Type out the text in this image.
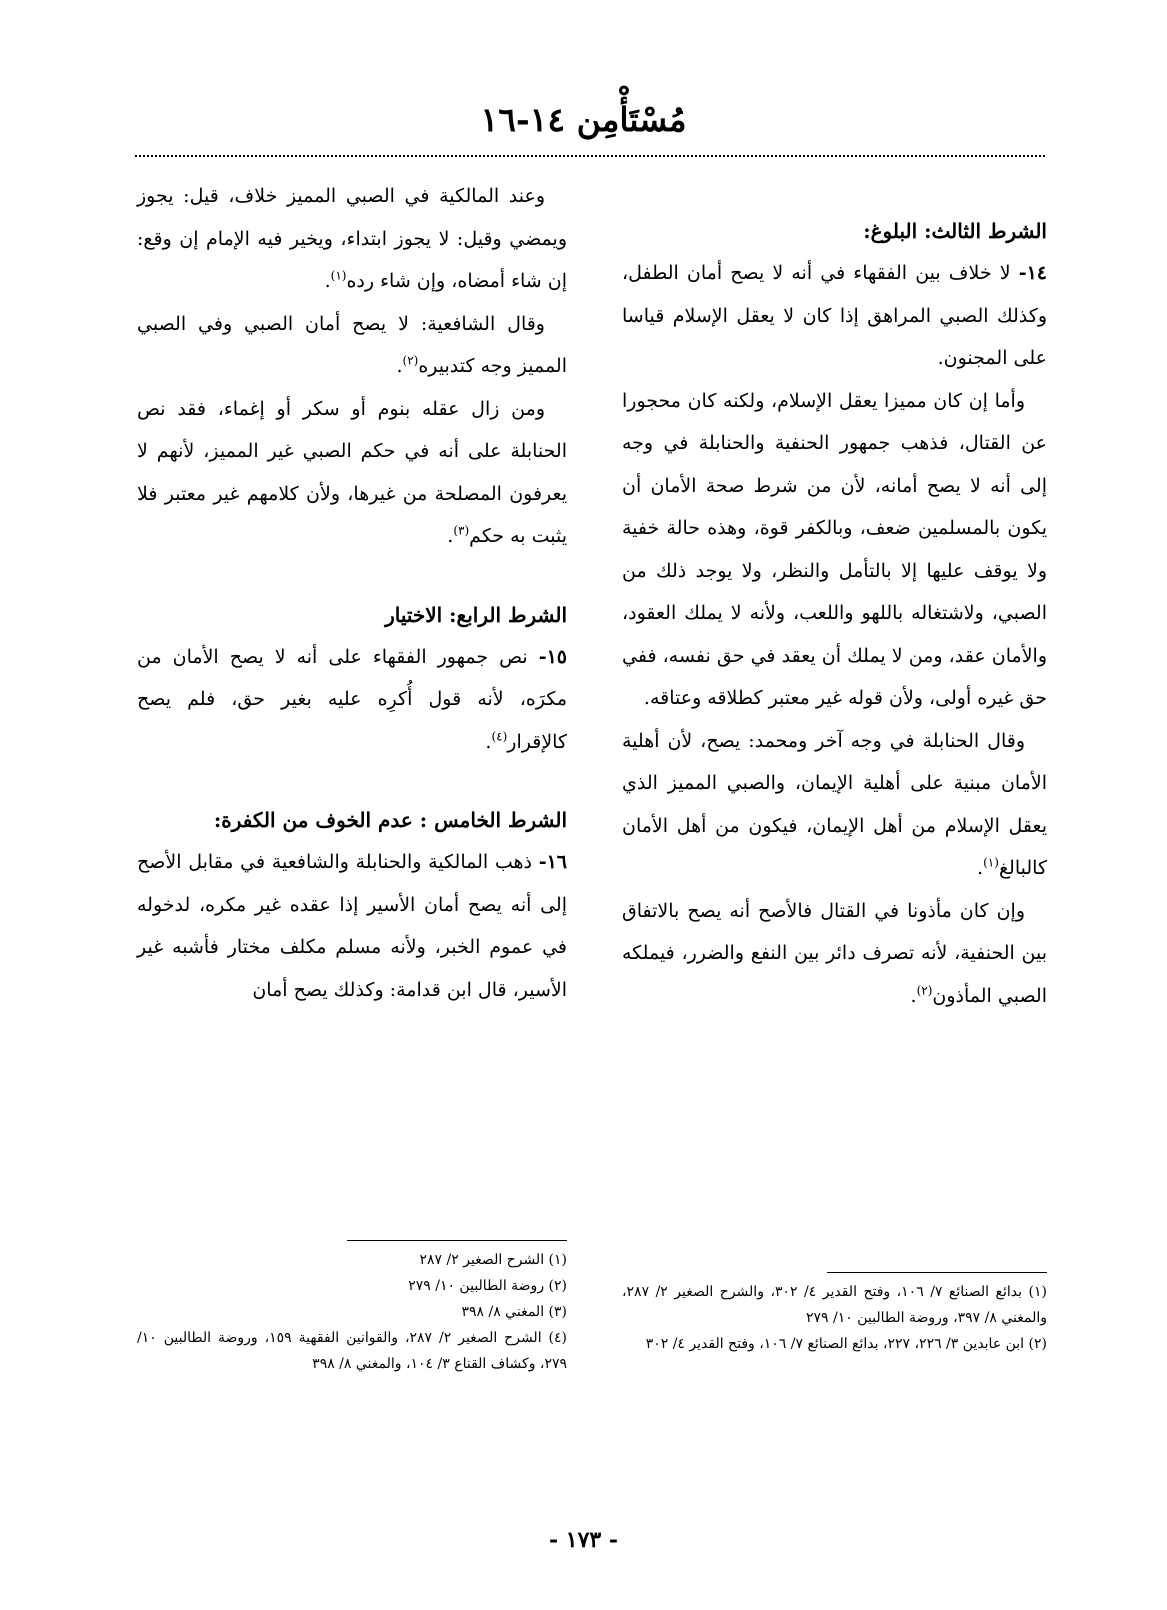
مُسْتَأْمِن ١٤-١٦

الشرط الثالث: البلوغ:

١٤- لا خلاف بين الفقهاء في أنه لا يصح أمان الطفل، وكذلك الصبي المراهق إذا كان لا يعقل الإسلام قياسا على المجنون.

وأما إن كان مميزا يعقل الإسلام، ولكنه كان محجورا عن القتال، فذهب جمهور الحنفية والحنابلة في وجه إلى أنه لا يصح أمانه، لأن من شرط صحة الأمان أن يكون بالمسلمين ضعف، وبالكفر قوة، وهذه حالة خفية ولا يوقف عليها إلا بالتأمل والنظر، ولا يوجد ذلك من الصبي، ولاشتغاله باللهو واللعب، ولأنه لا يملك العقود، والأمان عقد، ومن لا يملك أن يعقد في حق نفسه، ففي حق غيره أولى، ولأن قوله غير معتبر كطلاقه وعتاقه.

وقال الحنابلة في وجه آخر ومحمد: يصح، لأن أهلية الأمان مبنية على أهلية الإيمان، والصبي المميز الذي يعقل الإسلام من أهل الإيمان، فيكون من أهل الأمان كالبالغ$^{(١)}$.

وإن كان مأذونا في القتال فالأصح أنه يصح بالاتفاق بين الحنفية، لأنه تصرف دائر بين النفع والضرر، فيملكه الصبي المأذون$^{(٢)}$.

وعند المالكية في الصبي المميز خلاف، قيل: يجوز ويمضي وقيل: لا يجوز ابتداء، ويخير فيه الإمام إن وقع: إن شاء أمضاه، وإن شاء رده$^{(١)}$.

وقال الشافعية: لا يصح أمان الصبي وفي الصبي المميز وجه كتدبيره$^{(٢)}$.

ومن زال عقله بنوم أو سكر أو إغماء، فقد نص الحنابلة على أنه في حكم الصبي غير المميز، لأنهم لا يعرفون المصلحة من غيرها، ولأن كلامهم غير معتبر فلا يثبت به حكم$^{(٣)}$.

الشرط الرابع: الاختيار

١٥- نص جمهور الفقهاء على أنه لا يصح الأمان من مكرَه، لأنه قول أُكرِه عليه بغير حق، فلم يصح كالإقرار$^{(٤)}$.

الشرط الخامس : عدم الخوف من الكفرة:

١٦- ذهب المالكية والحنابلة والشافعية في مقابل الأصح إلى أنه يصح أمان الأسير إذا عقده غير مكره، لدخوله في عموم الخبر، ولأنه مسلم مكلف مختار فأشبه غير الأسير، قال ابن قدامة: وكذلك يصح أمان

(١) بدائع الصنائع ٧/ ١٠٦، وفتح القدير ٤/ ٣٠٢، والشرح الصغير ٢/ ٢٨٧، والمغني ٨/ ٣٩٧، وروضة الطالبين ١٠/ ٢٧٩

(٢) ابن عابدين ٣/ ٢٢٦، ٢٢٧، بدائع الصنائع ٧/ ١٠٦، وفتح القدير ٤/ ٣٠٢

(١) الشرح الصغير ٢/ ٢٨٧

(٢) روضة الطالبين ١٠/ ٢٧٩

(٣) المغني ٨/ ٣٩٨

(٤) الشرح الصغير ٢/ ٢٨٧، والقوانين الفقهية ١٥٩، وروضة الطالبين ١٠/ ٢٧٩، وكشاف القناع ٣/ ١٠٤، والمغني ٨/ ٣٩٨

- ١٧٣ -
